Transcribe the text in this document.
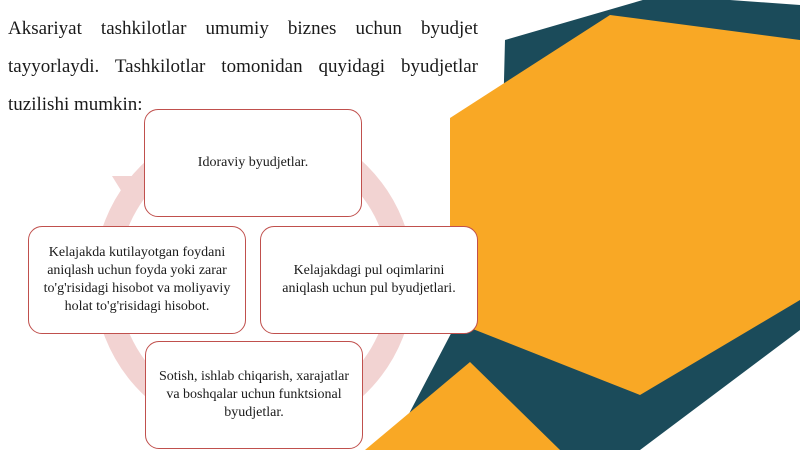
Aksariyat tashkilotlar umumiy biznes uchun byudjet tayyorlaydi. Tashkilotlar tomonidan quyidagi byudjetlar tuzilishi mumkin:

Idoraviy byudjetlar.
Kelajakdagi pul oqimlarini aniqlash uchun pul byudjetlari.
Sotish, ishlab chiqarish, xarajatlar va boshqalar uchun funktsional byudjetlar.
Kelajakda kutilayotgan foydani aniqlash uchun foyda yoki zarar to'g'risidagi hisobot va moliyaviy holat to'g'risidagi hisobot.
